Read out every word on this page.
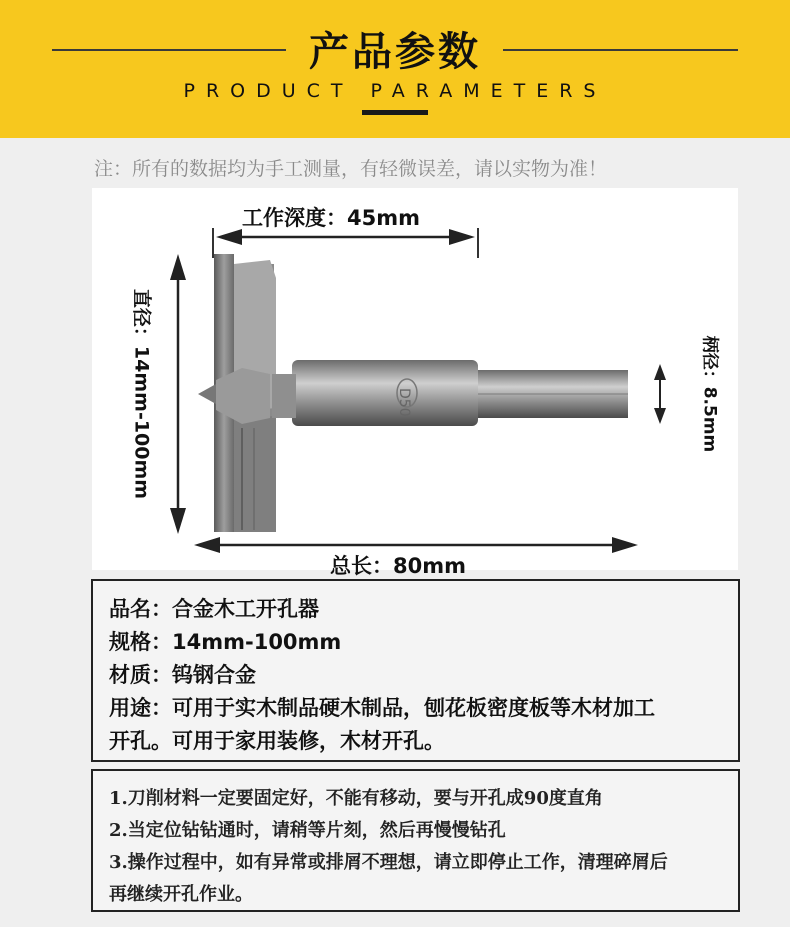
产品参数
PRODUCT PARAMETERS
注：所有的数据均为手工测量，有轻微误差，请以实物为准！
D50
工作深度：45mm
直径：14mm-100mm	柄径：8.5mm
总长：80mm
品名：合金木工开孔器
规格：14mm-100mm
材质：钨钢合金
用途：可用于实木制品硬木制品，刨花板密度板等木材加工
开孔。可用于家用装修，木材开孔。
1.刀削材料一定要固定好，不能有移动，要与开孔成90度直角
2.当定位钻钻通时，请稍等片刻，然后再慢慢钻孔
3.操作过程中，如有异常或排屑不理想，请立即停止工作，清理碎屑后
再继续开孔作业。
